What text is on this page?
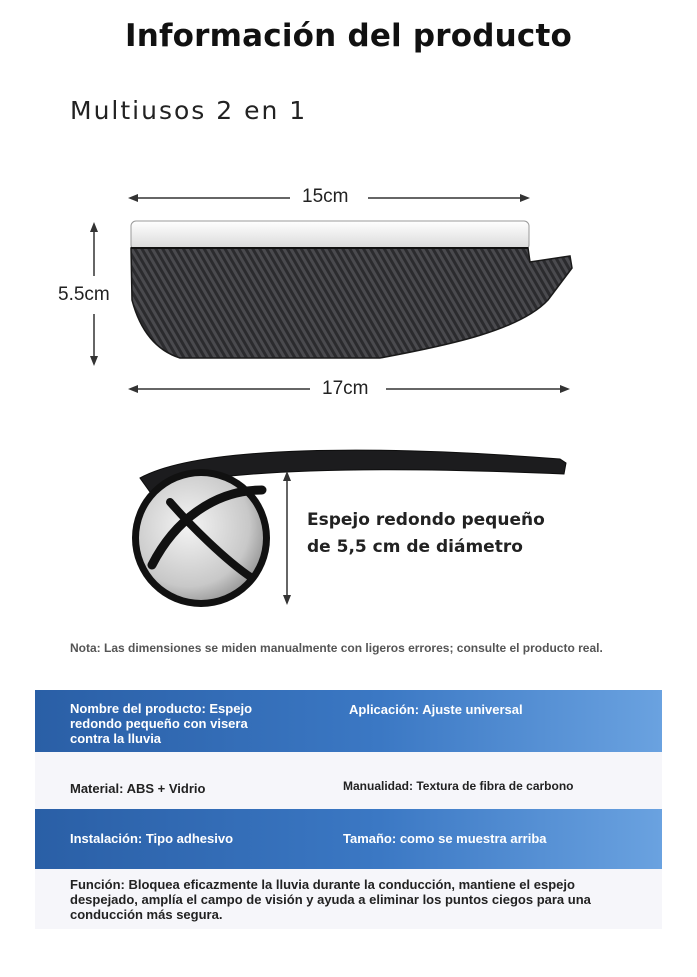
Información del producto
Multiusos 2 en 1
15cm
5.5cm
17cm
Espejo redondo pequeño
de 5,5 cm de diámetro
Nota: Las dimensiones se miden manualmente con ligeros errores; consulte el producto real.
Nombre del producto: Espejo
redondo pequeño con visera
contra la lluvia
Aplicación: Ajuste universal
Material: ABS + Vidrio	Manualidad: Textura de fibra de carbono
Instalación: Tipo adhesivo	Tamaño: como se muestra arriba
Función: Bloquea eficazmente la lluvia durante la conducción, mantiene el espejo
despejado, amplía el campo de visión y ayuda a eliminar los puntos ciegos para una
conducción más segura.
